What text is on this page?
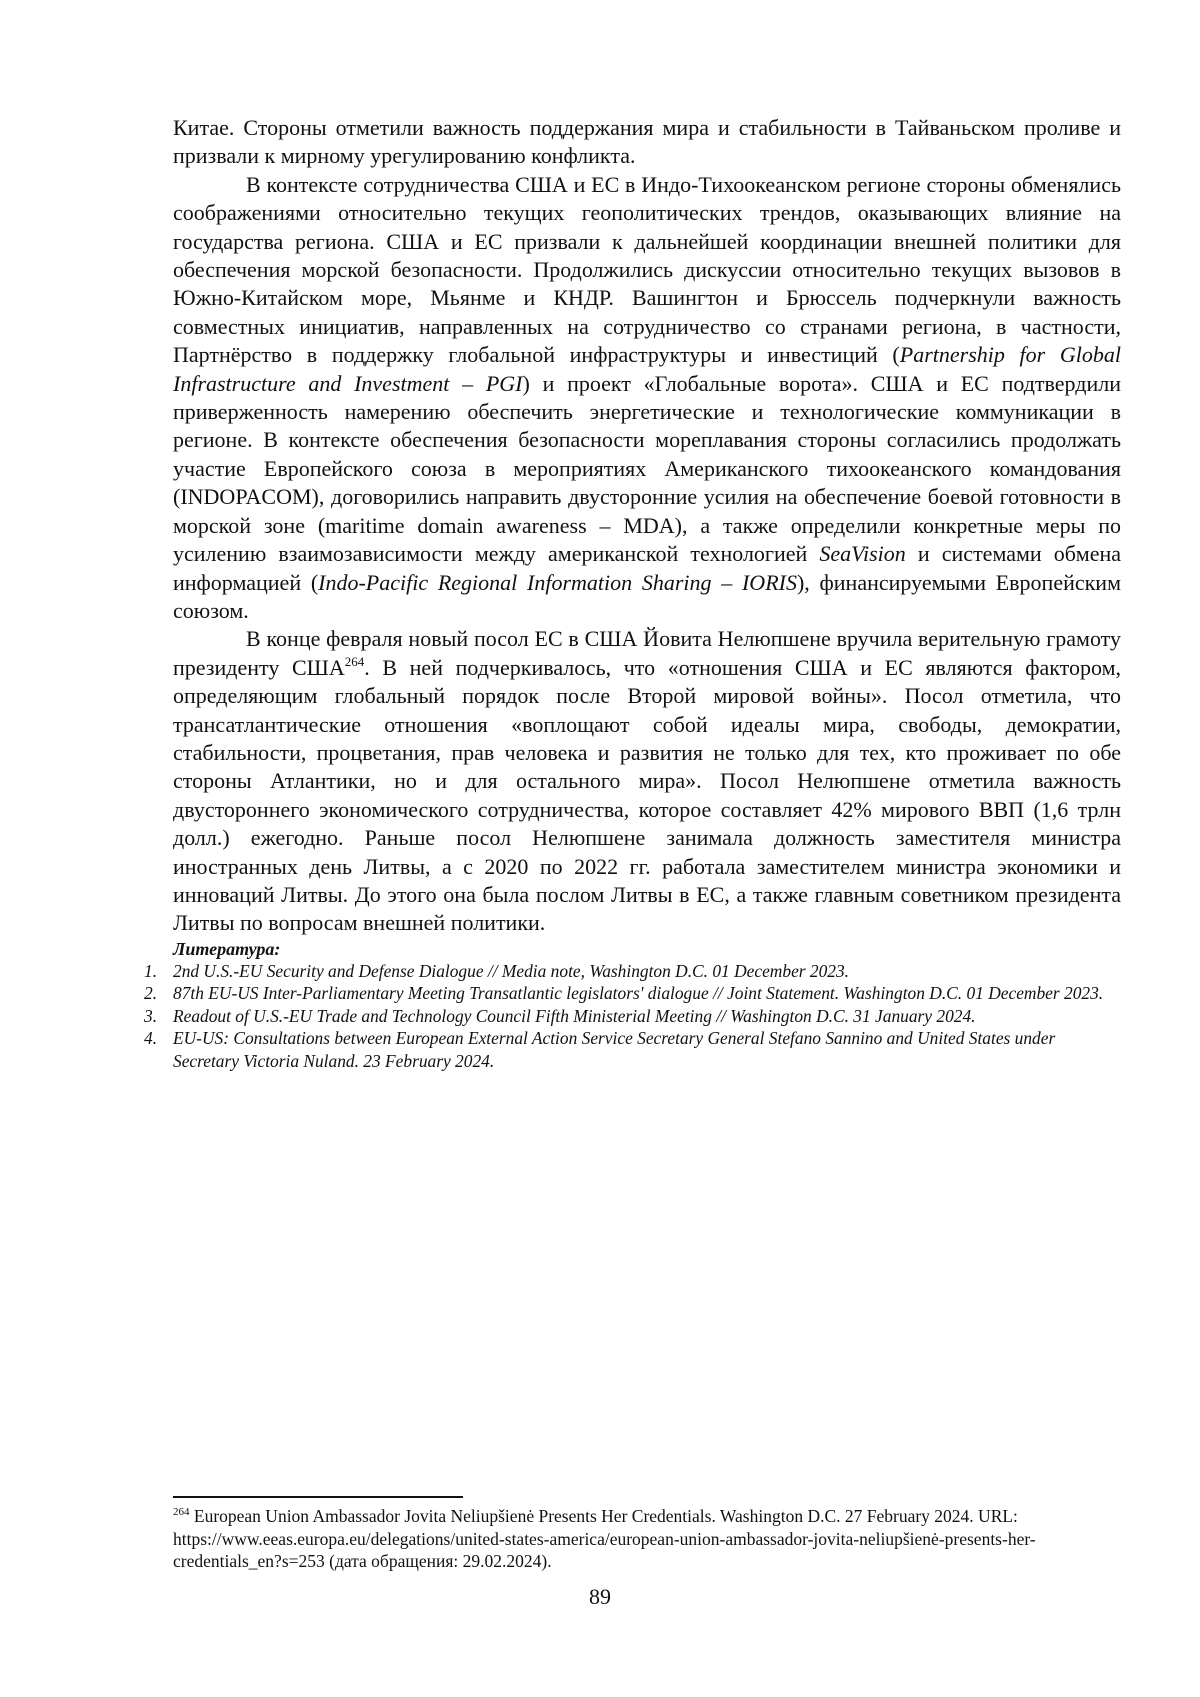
Китае. Стороны отметили важность поддержания мира и стабильности в Тайваньском проливе и призвали к мирному урегулированию конфликта.

В контексте сотрудничества США и ЕС в Индо-Тихоокеанском регионе стороны обменялись соображениями относительно текущих геополитических трендов, оказывающих влияние на государства региона. США и ЕС призвали к дальнейшей координации внешней политики для обеспечения морской безопасности. Продолжились дискуссии относительно текущих вызовов в Южно-Китайском море, Мьянме и КНДР. Вашингтон и Брюссель подчеркнули важность совместных инициатив, направленных на сотрудничество со странами региона, в частности, Партнёрство в поддержку глобальной инфраструктуры и инвестиций (Partnership for Global Infrastructure and Investment – PGI) и проект «Глобальные ворота». США и ЕС подтвердили приверженность намерению обеспечить энергетические и технологические коммуникации в регионе. В контексте обеспечения безопасности мореплавания стороны согласились продолжать участие Европейского союза в мероприятиях Американского тихоокеанского командования (INDOPACOM), договорились направить двусторонние усилия на обеспечение боевой готовности в морской зоне (maritime domain awareness – MDA), а также определили конкретные меры по усилению взаимозависимости между американской технологией SeaVision и системами обмена информацией (Indo-Pacific Regional Information Sharing – IORIS), финансируемыми Европейским союзом.

В конце февраля новый посол ЕС в США Йовита Нелюпшене вручила верительную грамоту президенту США$^{264}$. В ней подчеркивалось, что «отношения США и ЕС являются фактором, определяющим глобальный порядок после Второй мировой войны». Посол отметила, что трансатлантические отношения «воплощают собой идеалы мира, свободы, демократии, стабильности, процветания, прав человека и развития не только для тех, кто проживает по обе стороны Атлантики, но и для остального мира». Посол Нелюпшене отметила важность двустороннего экономического сотрудничества, которое составляет 42% мирового ВВП (1,6 трлн долл.) ежегодно. Раньше посол Нелюпшене занимала должность заместителя министра иностранных день Литвы, а с 2020 по 2022 гг. работала заместителем министра экономики и инноваций Литвы. До этого она была послом Литвы в ЕС, а также главным советником президента Литвы по вопросам внешней политики.

Литература:
1. 2nd U.S.-EU Security and Defense Dialogue // Media note, Washington D.C. 01 December 2023.
2. 87th EU-US Inter-Parliamentary Meeting Transatlantic legislators' dialogue // Joint Statement. Washington D.C. 01 December 2023.
3. Readout of U.S.-EU Trade and Technology Council Fifth Ministerial Meeting // Washington D.C. 31 January 2024.
4. EU-US: Consultations between European External Action Service Secretary General Stefano Sannino and United States under Secretary Victoria Nuland. 23 February 2024.
$^{264}$ European Union Ambassador Jovita Neliupšienė Presents Her Credentials. Washington D.C. 27 February 2024. URL: https://www.eeas.europa.eu/delegations/united-states-america/european-union-ambassador-jovita-neliupšienė-presents-her-credentials_en?s=253 (дата обращения: 29.02.2024).
89
